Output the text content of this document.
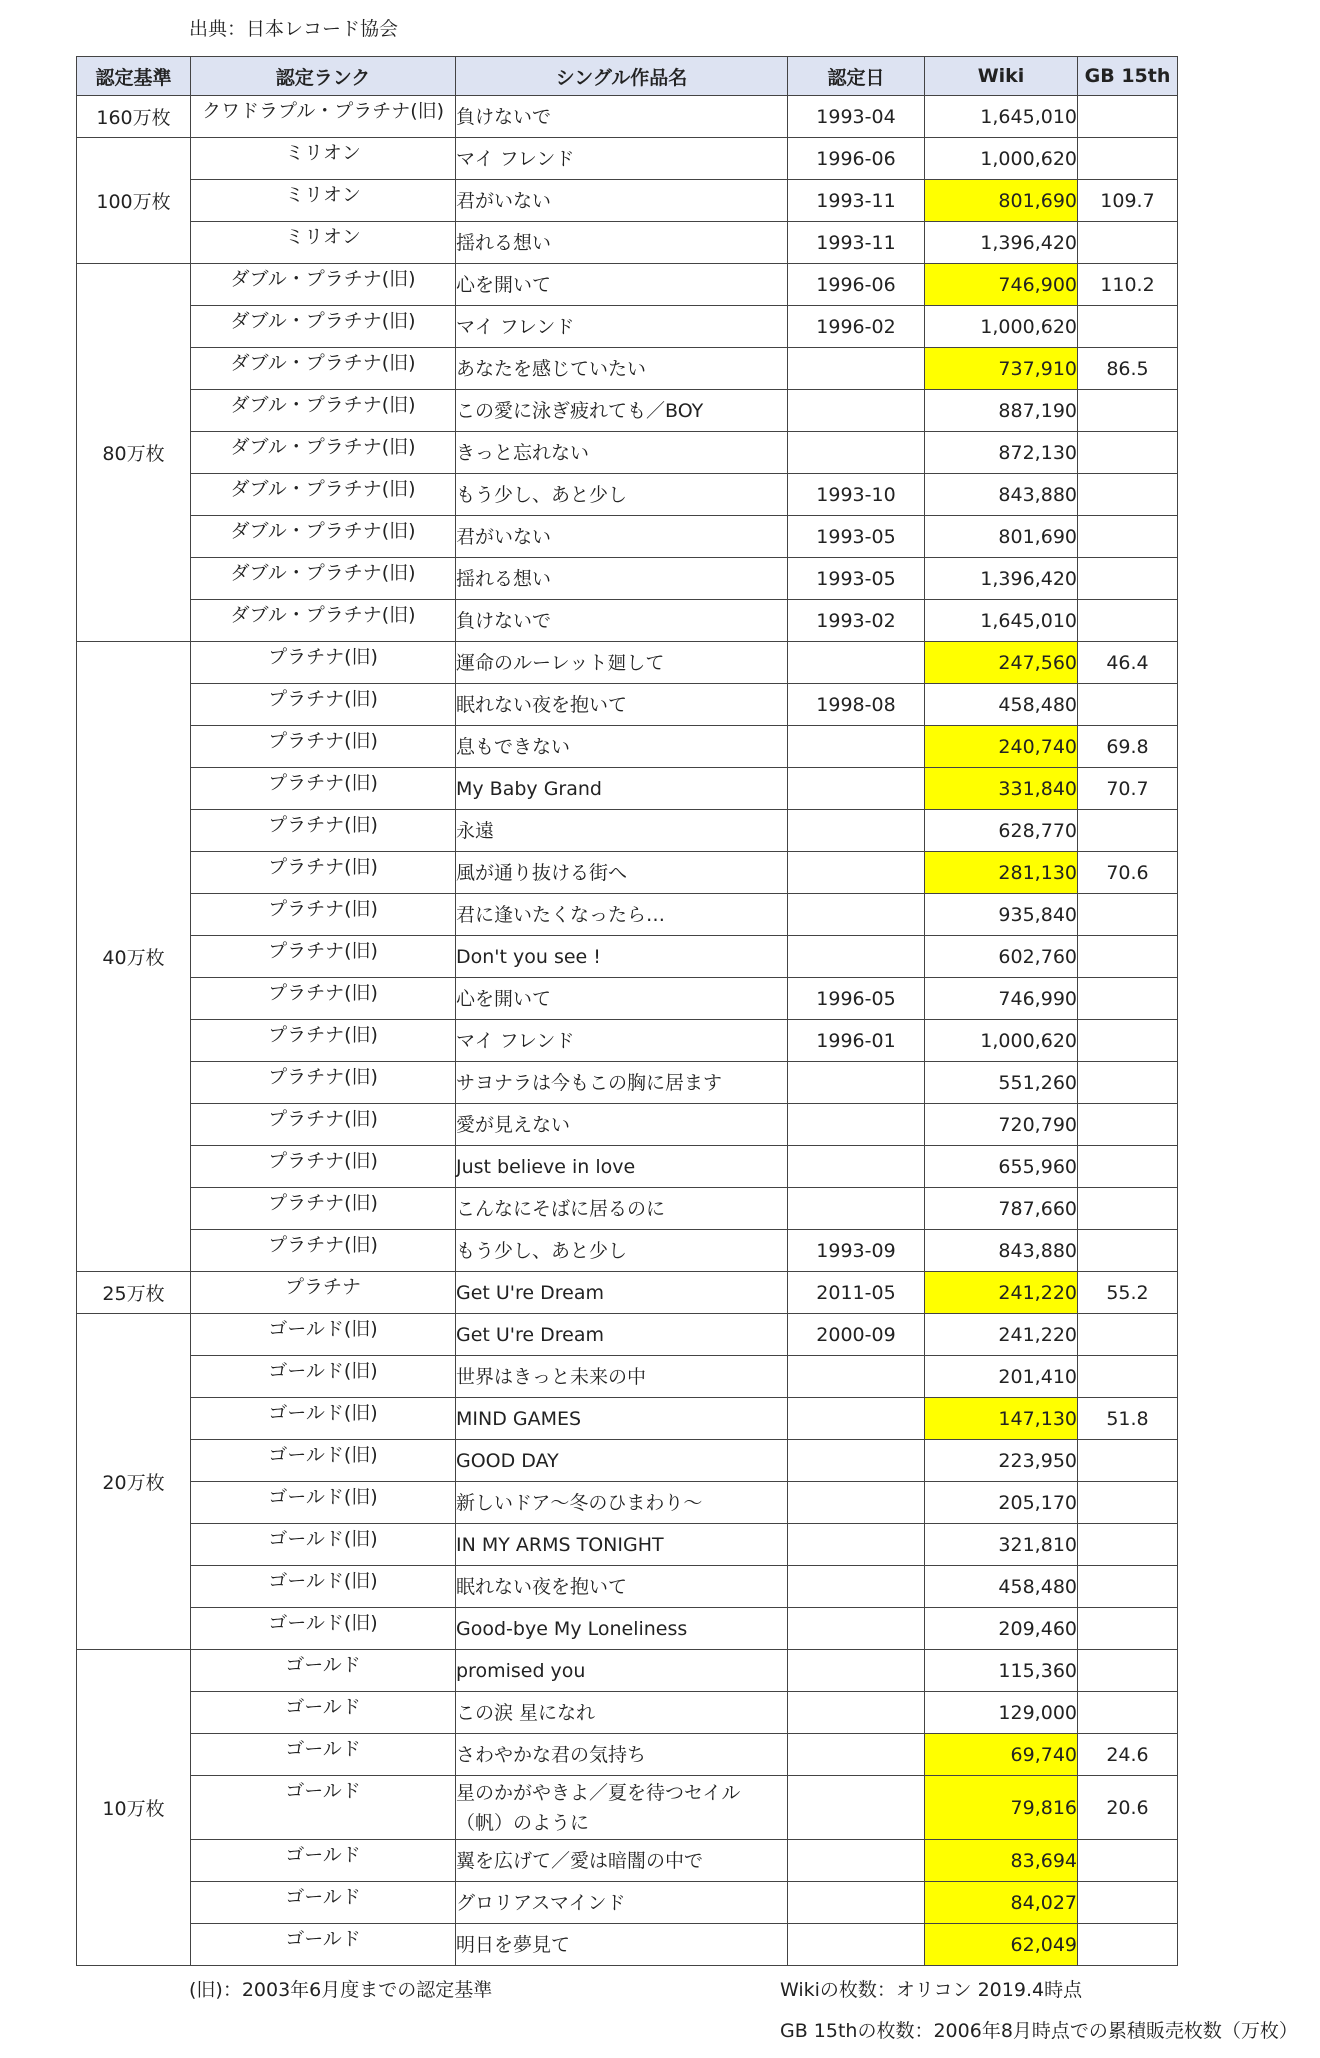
出典：日本レコード協会
認定基準	認定ランク	シングル作品名	認定日	Wiki	GB 15th
160万枚	クワドラプル・プラチナ(旧)	負けないで	1993-04	1,645,010	
100万枚	ミリオン	マイ フレンド	1996-06	1,000,620	
	ミリオン	君がいない	1993-11	801,690	109.7
	ミリオン	揺れる想い	1993-11	1,396,420	
80万枚	ダブル・プラチナ(旧)	心を開いて	1996-06	746,900	110.2
	ダブル・プラチナ(旧)	マイ フレンド	1996-02	1,000,620	
	ダブル・プラチナ(旧)	あなたを感じていたい		737,910	86.5
	ダブル・プラチナ(旧)	この愛に泳ぎ疲れても／BOY		887,190	
	ダブル・プラチナ(旧)	きっと忘れない		872,130	
	ダブル・プラチナ(旧)	もう少し、あと少し	1993-10	843,880	
	ダブル・プラチナ(旧)	君がいない	1993-05	801,690	
	ダブル・プラチナ(旧)	揺れる想い	1993-05	1,396,420	
	ダブル・プラチナ(旧)	負けないで	1993-02	1,645,010	
40万枚	プラチナ(旧)	運命のルーレット廻して		247,560	46.4
	プラチナ(旧)	眠れない夜を抱いて	1998-08	458,480	
	プラチナ(旧)	息もできない		240,740	69.8
	プラチナ(旧)	My Baby Grand		331,840	70.7
	プラチナ(旧)	永遠		628,770	
	プラチナ(旧)	風が通り抜ける街へ		281,130	70.6
	プラチナ(旧)	君に逢いたくなったら…		935,840	
	プラチナ(旧)	Don't you see !		602,760	
	プラチナ(旧)	心を開いて	1996-05	746,990	
	プラチナ(旧)	マイ フレンド	1996-01	1,000,620	
	プラチナ(旧)	サヨナラは今もこの胸に居ます		551,260	
	プラチナ(旧)	愛が見えない		720,790	
	プラチナ(旧)	Just believe in love		655,960	
	プラチナ(旧)	こんなにそばに居るのに		787,660	
	プラチナ(旧)	もう少し、あと少し	1993-09	843,880	
25万枚	プラチナ	Get U're Dream	2011-05	241,220	55.2
20万枚	ゴールド(旧)	Get U're Dream	2000-09	241,220	
	ゴールド(旧)	世界はきっと未来の中		201,410	
	ゴールド(旧)	MIND GAMES		147,130	51.8
	ゴールド(旧)	GOOD DAY		223,950	
	ゴールド(旧)	新しいドア～冬のひまわり～		205,170	
	ゴールド(旧)	IN MY ARMS TONIGHT		321,810	
	ゴールド(旧)	眠れない夜を抱いて		458,480	
	ゴールド(旧)	Good-bye My Loneliness		209,460	
10万枚	ゴールド	promised you		115,360	
	ゴールド	この涙 星になれ		129,000	
	ゴールド	さわやかな君の気持ち		69,740	24.6
	ゴールド	星のかがやきよ／夏を待つセイル（帆）のように		79,816	20.6
	ゴールド	翼を広げて／愛は暗闇の中で		83,694	
	ゴールド	グロリアスマインド		84,027	
	ゴールド	明日を夢見て		62,049	
(旧)：2003年6月度までの認定基準	Wikiの枚数：オリコン 2019.4時点
GB 15thの枚数：2006年8月時点での累積販売枚数（万枚）
